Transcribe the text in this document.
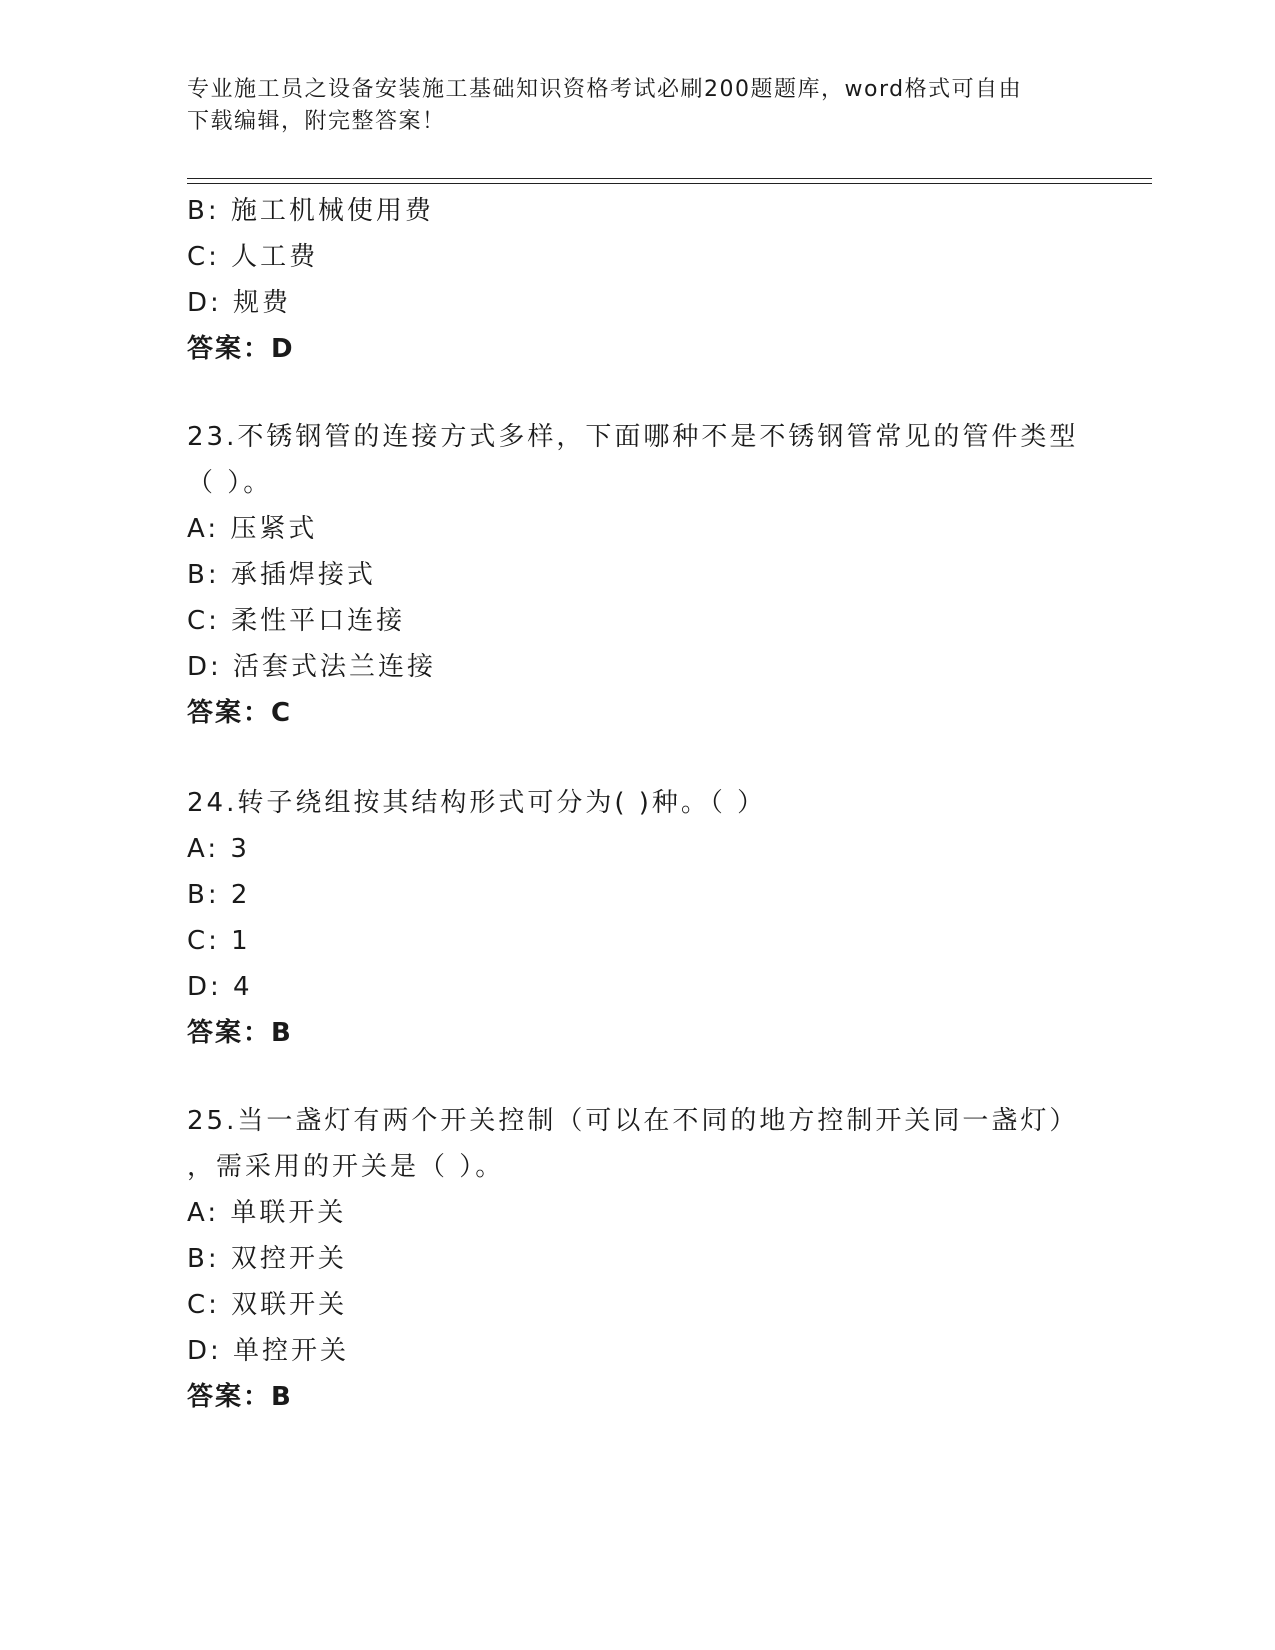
专业施工员之设备安装施工基础知识资格考试必刷200题题库，word格式可自由
下载编辑，附完整答案！
B: 施工机械使用费
C: 人工费
D: 规费
答案：D
23.不锈钢管的连接方式多样，下面哪种不是不锈钢管常见的管件类型
（ ）。
A: 压紧式
B: 承插焊接式
C: 柔性平口连接
D: 活套式法兰连接
答案：C
24.转子绕组按其结构形式可分为( )种。（ ）
A: 3
B: 2
C: 1
D: 4
答案：B
25.当一盏灯有两个开关控制（可以在不同的地方控制开关同一盏灯）
，需采用的开关是（ ）。
A: 单联开关
B: 双控开关
C: 双联开关
D: 单控开关
答案：B
